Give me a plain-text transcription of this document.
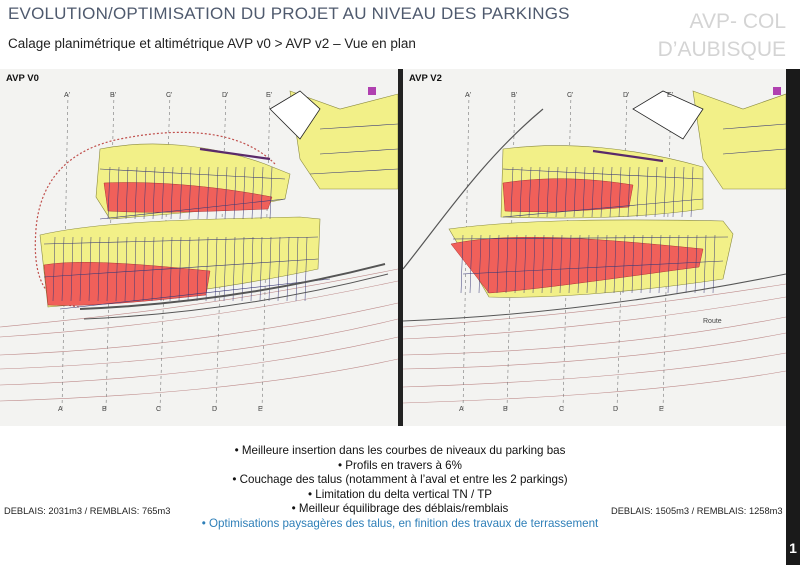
EVOLUTION/OPTIMISATION DU PROJET AU NIVEAU DES PARKINGS
Calage planimétrique et altimétrique AVP v0 > AVP v2 – Vue en plan
AVP- COL
D’AUBISQUE
AVP V0
A'	B'	C'	D'	E'
A	B	C	D	E
AVP V2
Route
A'	B'	C'	D'	E'
A	B	C	D	E
1
• Meilleure insertion dans les courbes de niveaux du parking bas
• Profils en travers à 6%
• Couchage des talus (notamment à l’aval et entre les 2 parkings)
• Limitation du delta vertical TN / TP
• Meilleur équilibrage des déblais/remblais
• Optimisations paysagères des talus, en finition des travaux de terrassement
DEBLAIS: 2031m3 / REMBLAIS: 765m3	DEBLAIS: 1505m3 / REMBLAIS: 1258m3
